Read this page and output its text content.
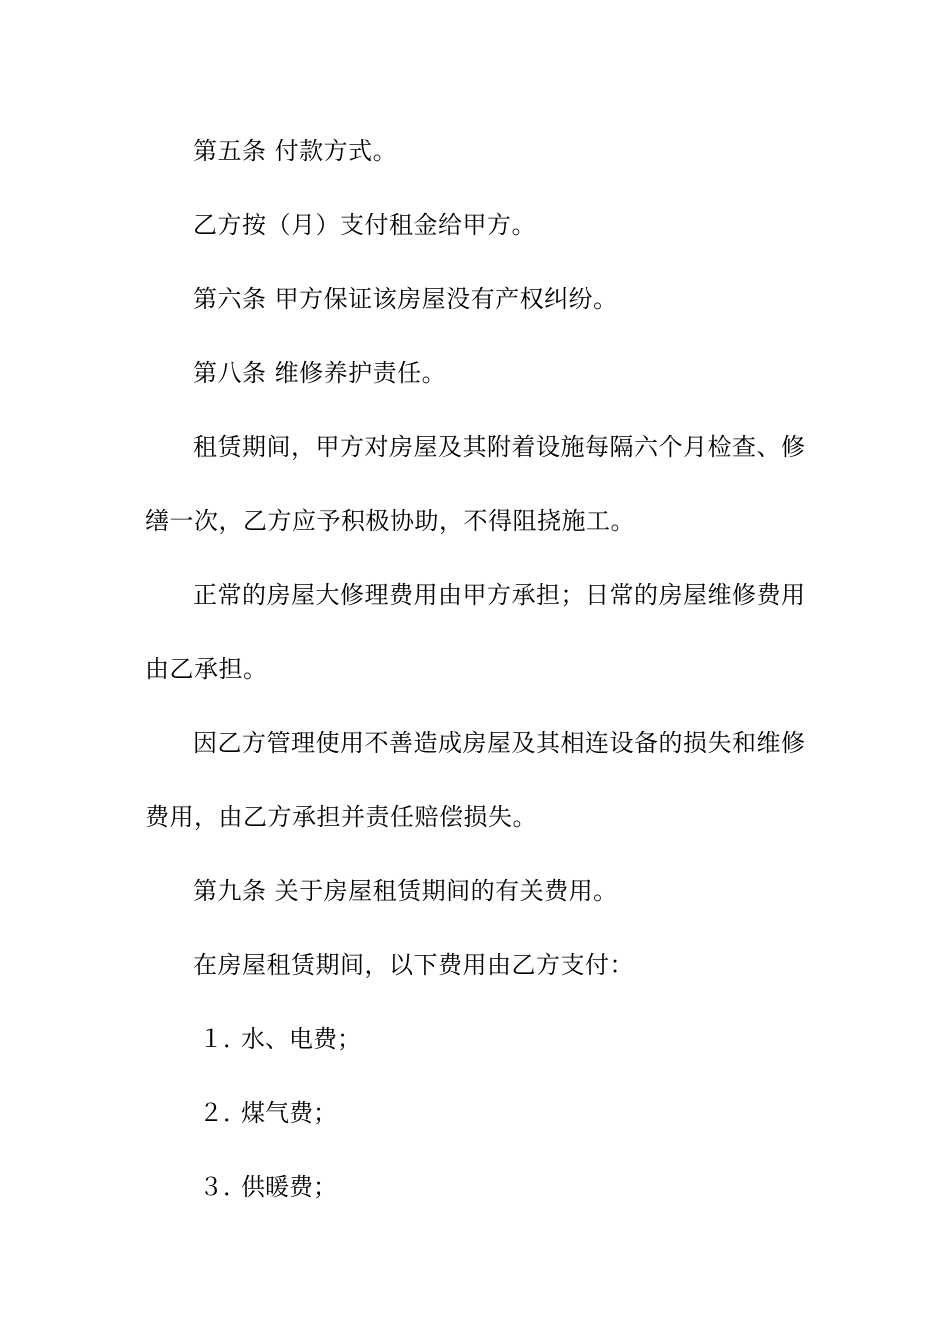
第五条 付款方式。

乙方按（月）支付租金给甲方。

第六条 甲方保证该房屋没有产权纠纷。

第八条 维修养护责任。

租赁期间，甲方对房屋及其附着设施每隔六个月检查、修缮一次，乙方应予积极协助，不得阻挠施工。

正常的房屋大修理费用由甲方承担；日常的房屋维修费用由乙承担。

因乙方管理使用不善造成房屋及其相连设备的损失和维修费用，由乙方承担并责任赔偿损失。

第九条 关于房屋租赁期间的有关费用。

在房屋租赁期间，以下费用由乙方支付：

１．水、电费；

２．煤气费；

３．供暖费；
